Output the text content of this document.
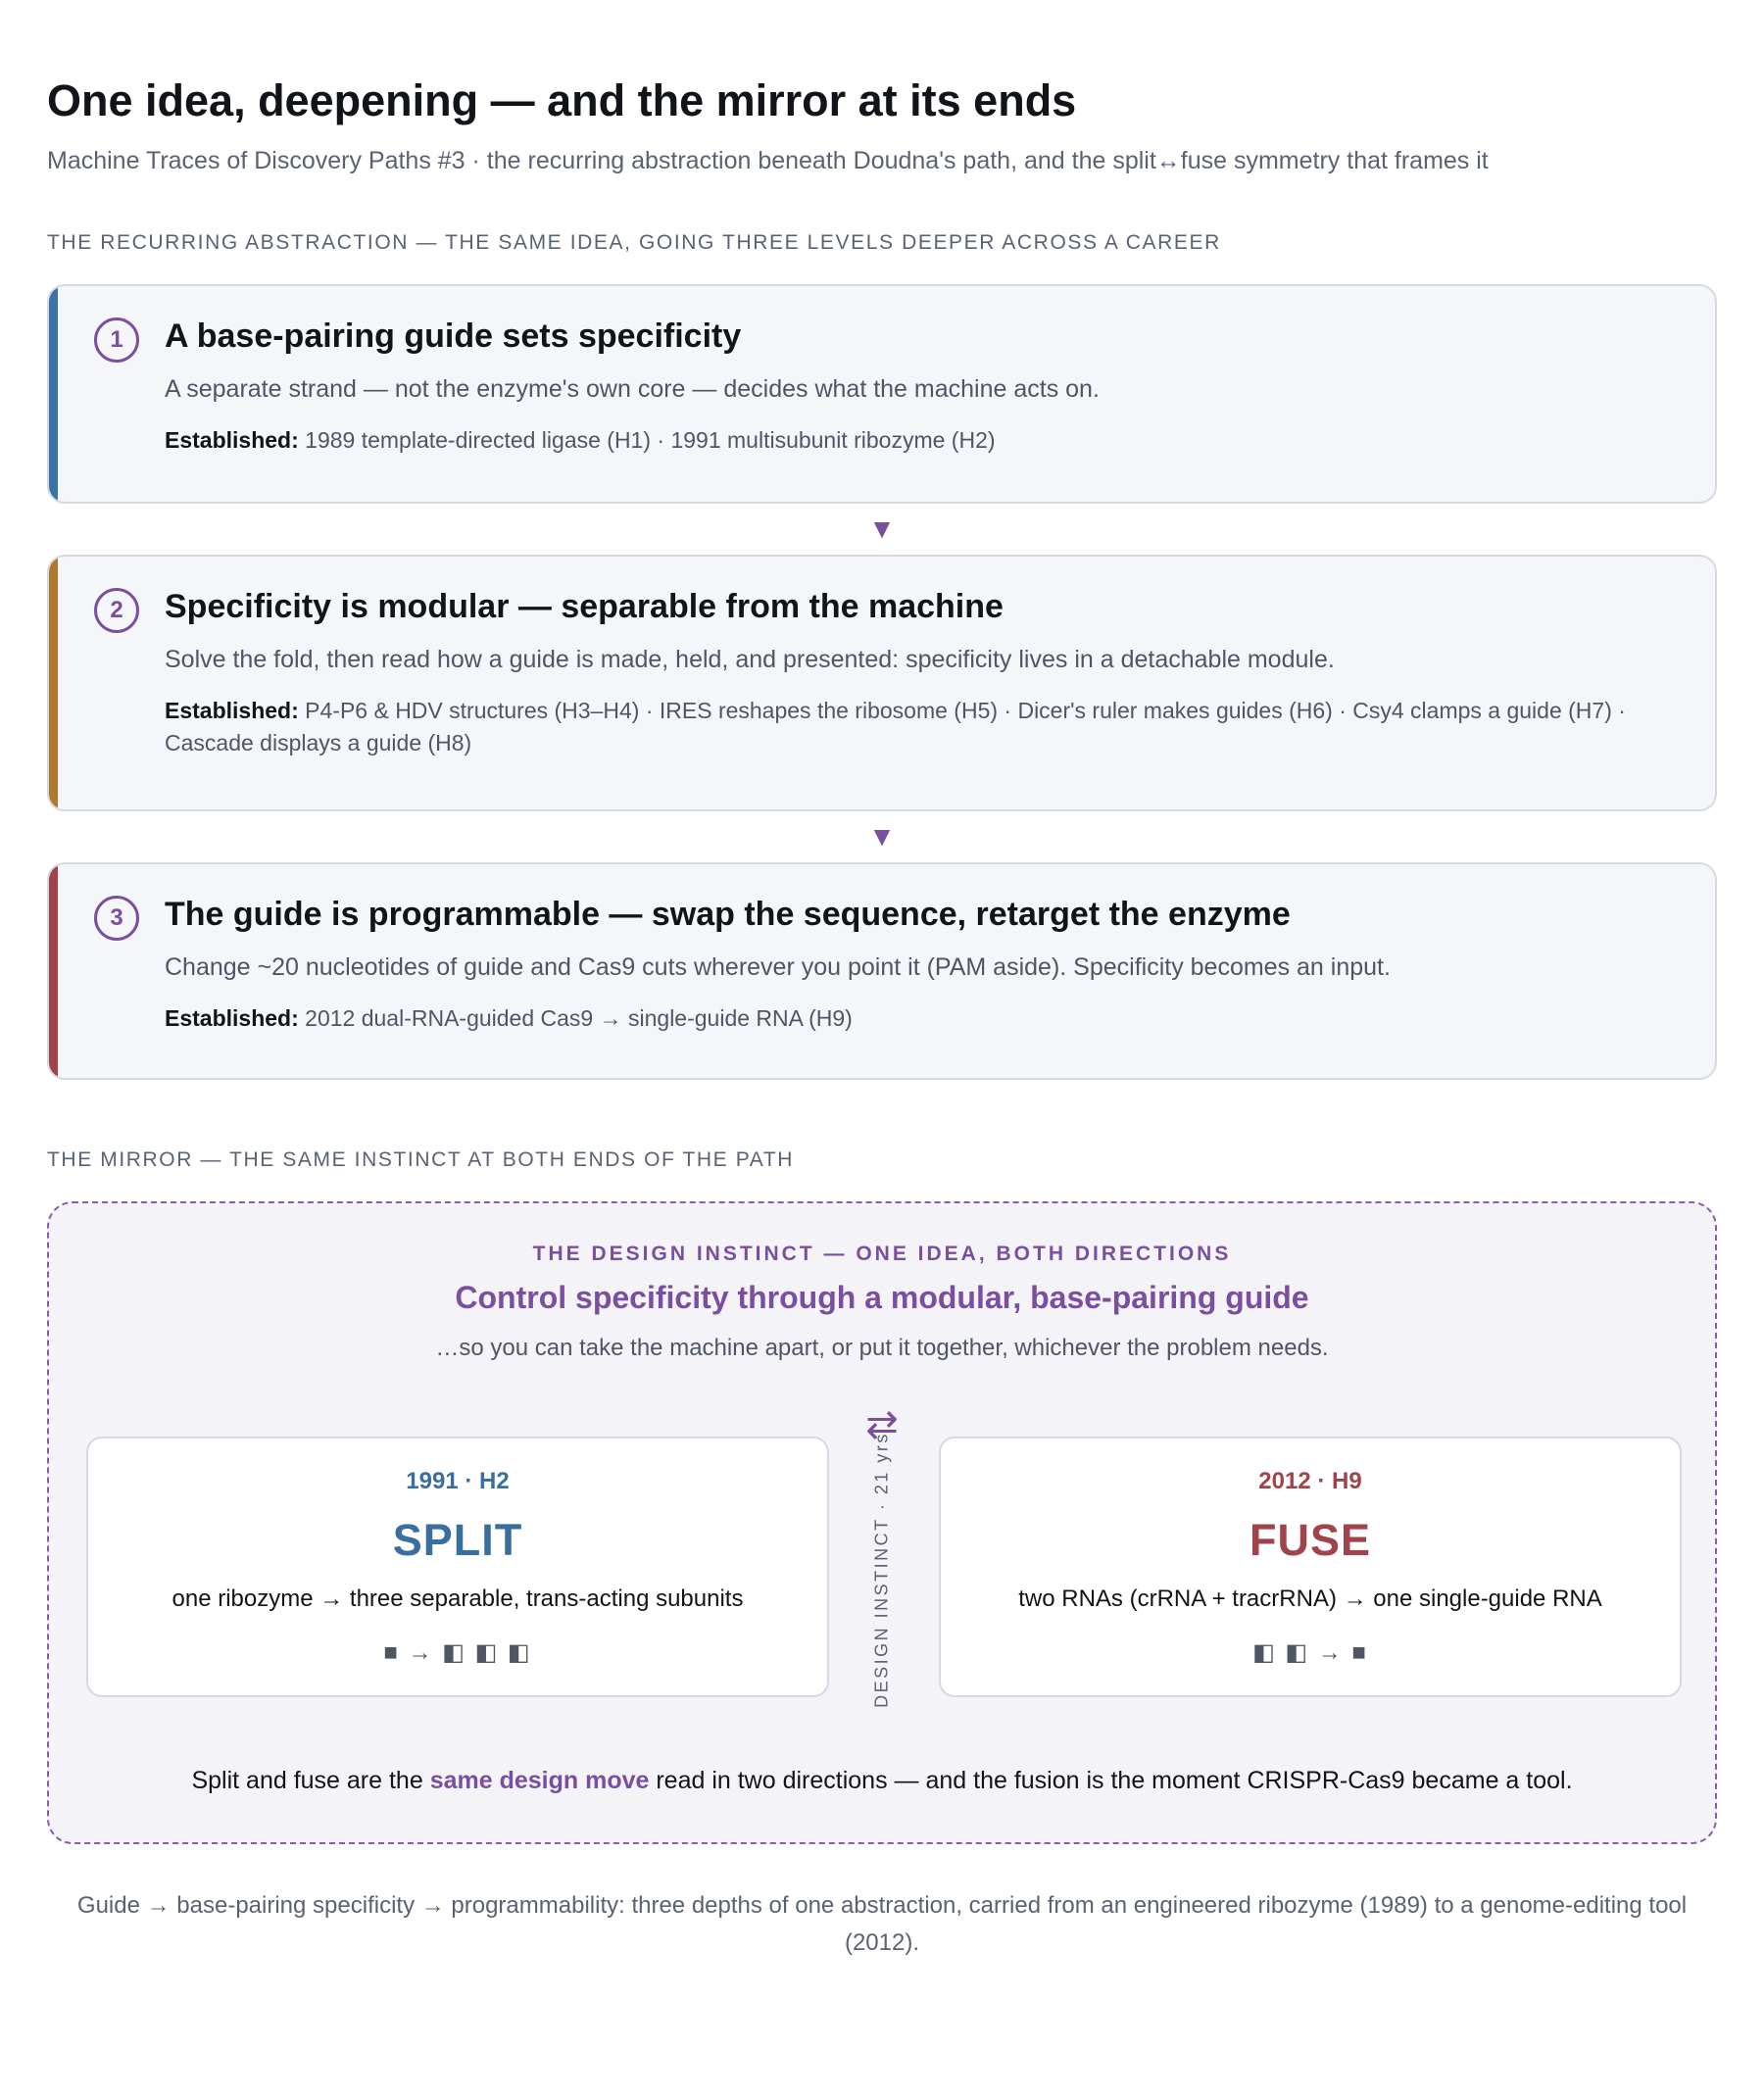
One idea, deepening — and the mirror at its ends
Machine Traces of Discovery Paths #3 · the recurring abstraction beneath Doudna's path, and the split↔fuse symmetry that frames it
THE RECURRING ABSTRACTION — THE SAME IDEA, GOING THREE LEVELS DEEPER ACROSS A CAREER
1	A base-pairing guide sets specificity
A separate strand — not the enzyme's own core — decides what the machine acts on.
Established: 1989 template-directed ligase (H1) · 1991 multisubunit ribozyme (H2)
▼
2	Specificity is modular — separable from the machine
Solve the fold, then read how a guide is made, held, and presented: specificity lives in a detachable module.
Established: P4-P6 & HDV structures (H3–H4) · IRES reshapes the ribosome (H5) · Dicer's ruler makes guides (H6) · Csy4 clamps a guide (H7) · Cascade displays a guide (H8)
▼
3	The guide is programmable — swap the sequence, retarget the enzyme
Change ~20 nucleotides of guide and Cas9 cuts wherever you point it (PAM aside). Specificity becomes an input.
Established: 2012 dual-RNA-guided Cas9 → single-guide RNA (H9)
THE MIRROR — THE SAME INSTINCT AT BOTH ENDS OF THE PATH
THE DESIGN INSTINCT — ONE IDEA, BOTH DIRECTIONS
Control specificity through a modular, base-pairing guide
…so you can take the machine apart, or put it together, whichever the problem needs.
⇄
DESIGN INSTINCT · 21 yrs
1991 · H2
SPLIT
one ribozyme → three separable, trans-acting subunits
■ → ◧ ◧ ◧
2012 · H9
FUSE
two RNAs (crRNA + tracrRNA) → one single-guide RNA
◧ ◧ → ■
Split and fuse are the same design move read in two directions — and the fusion is the moment CRISPR-Cas9 became a tool.
Guide → base-pairing specificity → programmability: three depths of one abstraction, carried from an engineered ribozyme (1989) to a genome-editing tool (2012).
